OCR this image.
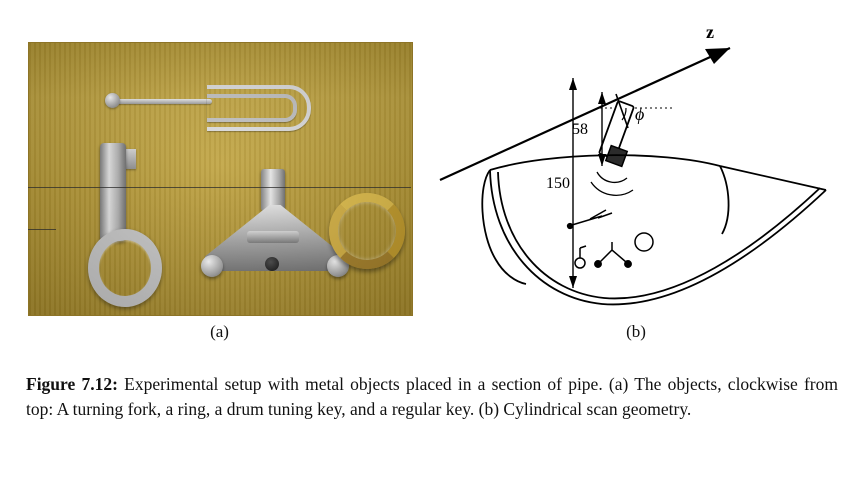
(a)
150
58
z
ϕ
(b)
Figure 7.12: Experimental setup with metal objects placed in a section of pipe. (a) The objects, clockwise from top: A turning fork, a ring, a drum tuning key, and a regular key. (b) Cylindrical scan geometry.
